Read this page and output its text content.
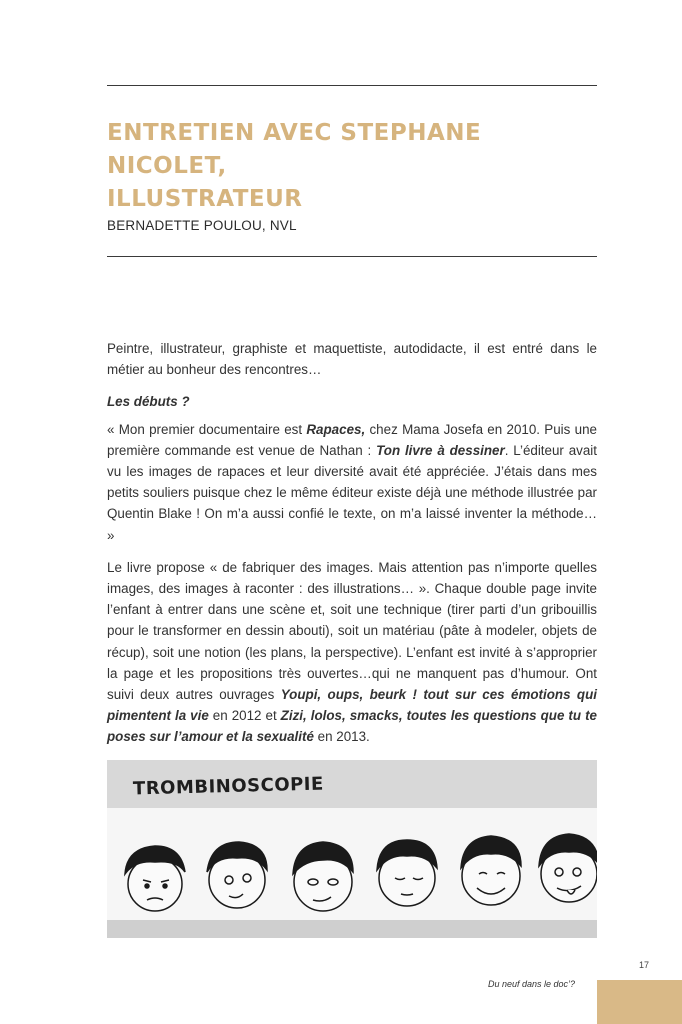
ENTRETIEN AVEC STEPHANE NICOLET,
ILLUSTRATEUR
BERNADETTE POULOU, NVL

Peintre, illustrateur, graphiste et maquettiste, autodidacte, il est entré dans le métier au bonheur des rencontres…

Les débuts ?

« Mon premier documentaire est Rapaces, chez Mama Josefa en 2010. Puis une première commande est venue de Nathan : Ton livre à dessiner. L’éditeur avait vu les images de rapaces et leur diversité avait été appréciée. J’étais dans mes petits souliers puisque chez le même éditeur existe déjà une méthode illustrée par Quentin Blake ! On m’a aussi confié le texte, on m’a laissé inventer la méthode… »

Le livre propose « de fabriquer des images. Mais attention pas n’importe quelles images, des images à raconter : des illustrations… ». Chaque double page invite l’enfant à entrer dans une scène et, soit une technique (tirer parti d’un gribouillis pour le transformer en dessin abouti), soit un matériau (pâte à modeler, objets de récup), soit une notion (les plans, la perspective). L’enfant est invité à s’approprier la page et les propositions très ouvertes…qui ne manquent pas d’humour. Ont suivi deux autres ouvrages Youpi, oups, beurk ! tout sur ces émotions qui pimentent la vie en 2012 et Zizi, lolos, smacks, toutes les questions que tu te poses sur l’amour et la sexualité en 2013.

TROMBINOSCOPIE
17
Du neuf dans le doc’?
